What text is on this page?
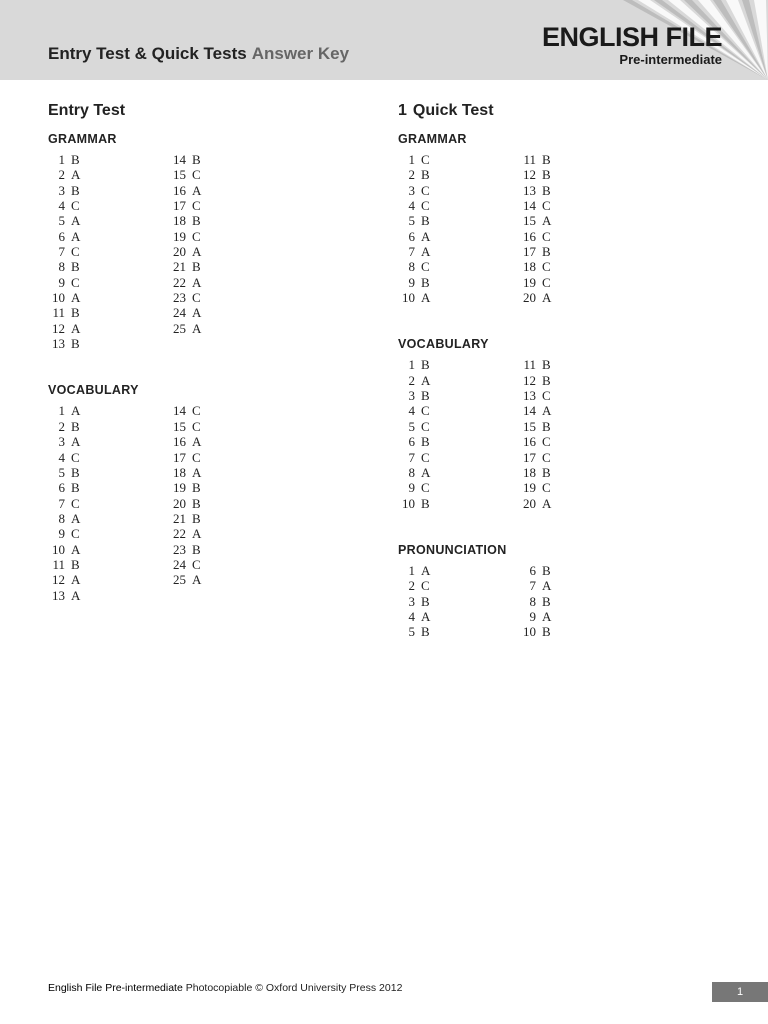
Entry Test & Quick Tests Answer Key
ENGLISH FILE
Pre-intermediate
Entry Test
GRAMMAR
1 B
2 A
3 B
4 C
5 A
6 A
7 C
8 B
9 C
10 A
11 B
12 A
13 B
14 B
15 C
16 A
17 C
18 B
19 C
20 A
21 B
22 A
23 C
24 A
25 A
VOCABULARY
1 A
2 B
3 A
4 C
5 B
6 B
7 C
8 A
9 C
10 A
11 B
12 A
13 A
14 C
15 C
16 A
17 C
18 A
19 B
20 B
21 B
22 A
23 B
24 C
25 A
1 Quick Test
GRAMMAR
1 C
2 B
3 C
4 C
5 B
6 A
7 A
8 C
9 B
10 A
11 B
12 B
13 B
14 C
15 A
16 C
17 B
18 C
19 C
20 A
VOCABULARY
1 B
2 A
3 B
4 C
5 C
6 B
7 C
8 A
9 C
10 B
11 B
12 B
13 C
14 A
15 B
16 C
17 C
18 B
19 C
20 A
PRONUNCIATION
1 A
2 C
3 B
4 A
5 B
6 B
7 A
8 B
9 A
10 B
English File Pre-intermediate Photocopiable © Oxford University Press 2012	1
